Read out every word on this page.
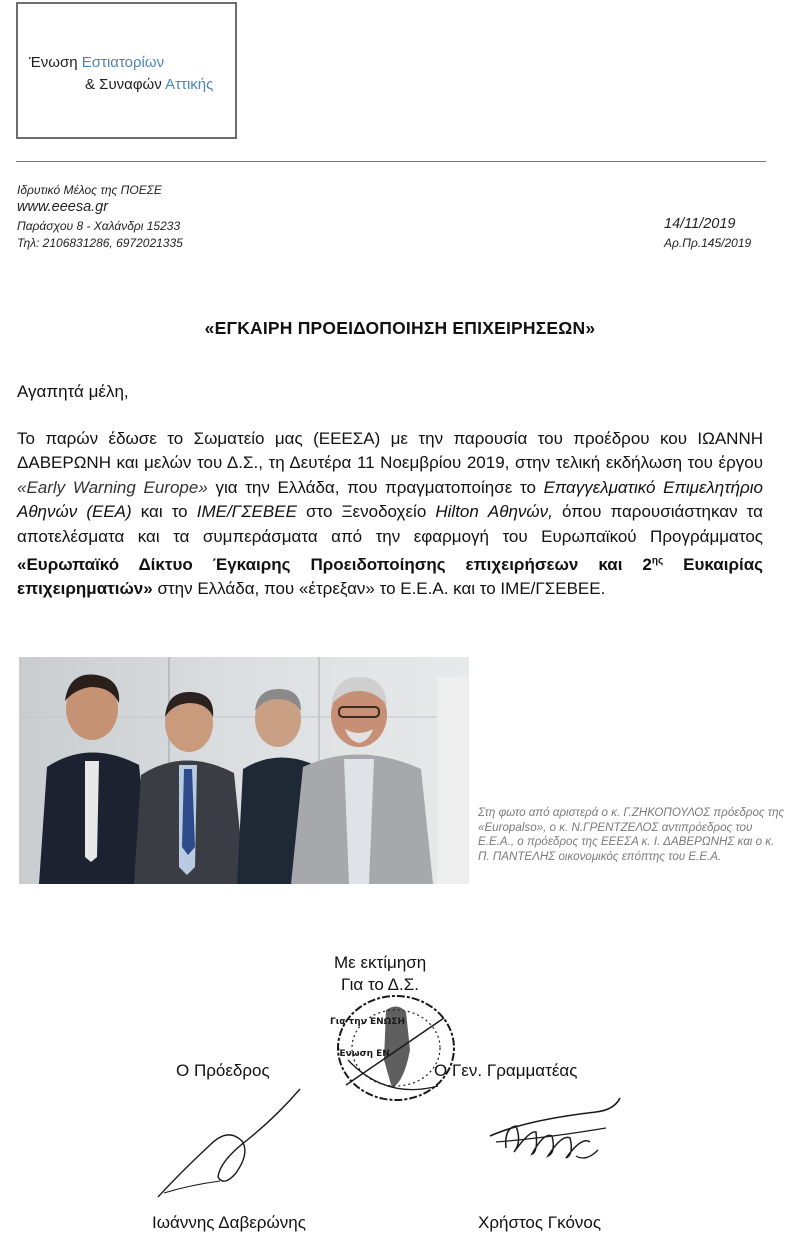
Ένωση Εστιατορίων
& Συναφών Αττικής
Ιδρυτικό Μέλος της ΠΟΕΣΕ
www.eeesa.gr
Παράσχου 8 - Χαλάνδρι 15233
Τηλ: 2106831286, 6972021335
14/11/2019
Αρ.Πρ.145/2019
«ΕΓΚΑΙΡΗ ΠΡΟΕΙΔΟΠΟΙΗΣΗ ΕΠΙΧΕΙΡΗΣΕΩΝ»
Αγαπητά μέλη,
Το παρών έδωσε το Σωματείο μας (ΕΕΕΣΑ) με την παρουσία του προέδρου κου ΙΩΑΝΝΗ ΔΑΒΕΡΩΝΗ και μελών του Δ.Σ., τη Δευτέρα 11 Νοεμβρίου 2019, στην τελική εκδήλωση του έργου «Early Warning Europe» για την Ελλάδα, που πραγματοποίησε το Επαγγελματικό Επιμελητήριο Αθηνών (ΕΕΑ) και το ΙΜΕ/ΓΣΕΒΕΕ στο Ξενοδοχείο Hilton Αθηνών, όπου παρουσιάστηκαν τα αποτελέσματα και τα συμπεράσματα από την εφαρμογή του Ευρωπαϊκού Προγράμματος «Ευρωπαϊκό Δίκτυο Έγκαιρης Προειδοποίησης επιχειρήσεων και $2^{\eta\varsigma}$ Ευκαιρίας επιχειρηματιών» στην Ελλάδα, που «έτρεξαν» το Ε.Ε.Α. και το ΙΜΕ/ΓΣΕΒΕΕ.
Στη φωτο από αριστερά ο κ. Γ.ΖΗΚΟΠΟΥΛΟΣ πρόεδρος της «Europalso», ο κ. Ν.ΓΡΕΝΤΖΕΛΟΣ αντιπρόεδρος του Ε.Ε.Α., ο πρόεδρος της ΕΕΕΣΑ κ. Ι. ΔΑΒΕΡΩΝΗΣ και ο κ. Π. ΠΑΝΤΕΛΗΣ οικονομικός επόπτης του Ε.Ε.Α.
Με εκτίμηση
Για το Δ.Σ.
Ο Πρόεδρος	Ο Γεν. Γραμματέας
Για την ΕΝΩΣΗ
Ένωση ΕΝ
Ιωάννης Δαβερώνης	Χρήστος Γκόνος
